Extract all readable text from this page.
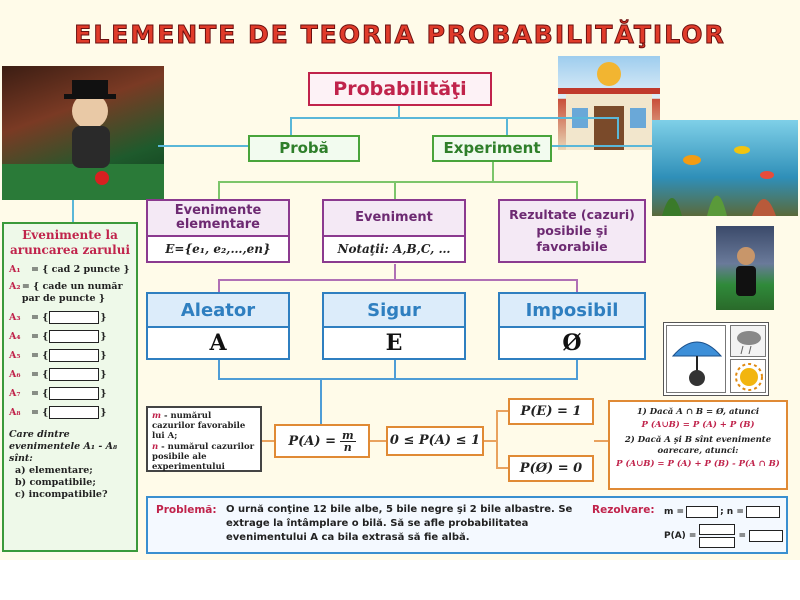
ELEMENTE DE TEORIA PROBABILITĂŢILOR
Probabilităţi
Probă	Experiment
Evenimente elementare
E={e₁, e₂,…,en}
Eveniment
Notaţii: A,B,C, …
Rezultate (cazuri) posibile şi favorabile
Aleator
A
Sigur
E
Imposibil
Ø
m - numărul cazurilor favorabile lui A;
n - numărul cazurilor posibile ale experimentului
$P(A) = \frac{m}{n}$	0 ≤ P(A) ≤ 1
P(E) = 1
P(Ø) = 0
1) Dacă A ∩ B = Ø, atunci
P (A∪B) = P (A) + P (B)
2) Dacă A şi B sînt evenimente oarecare, atunci:
P (A∪B) = P (A) + P (B) - P(A ∩ B)
Evenimente la aruncarea zarului
A₁	= { cad 2 puncte }
A₂ = { cade un număr par de puncte }
A₃	= {	}
A₄	= {	}
A₅	= {	}
A₆	= {	}
A₇	= {	}
A₈	= {	}
Care dintre evenimentele A₁ - A₈ sînt:
a) elementare;
b) compatibile;
c) incompatibile?
Problemă: O urnă conţine 12 bile albe, 5 bile negre şi 2 bile albastre. Se extrage la întâmplare o bilă. Să se afle probabilitatea evenimentului A ca bila extrasă să fie albă.
Rezolvare: m =	; n =
P(A) =	=
